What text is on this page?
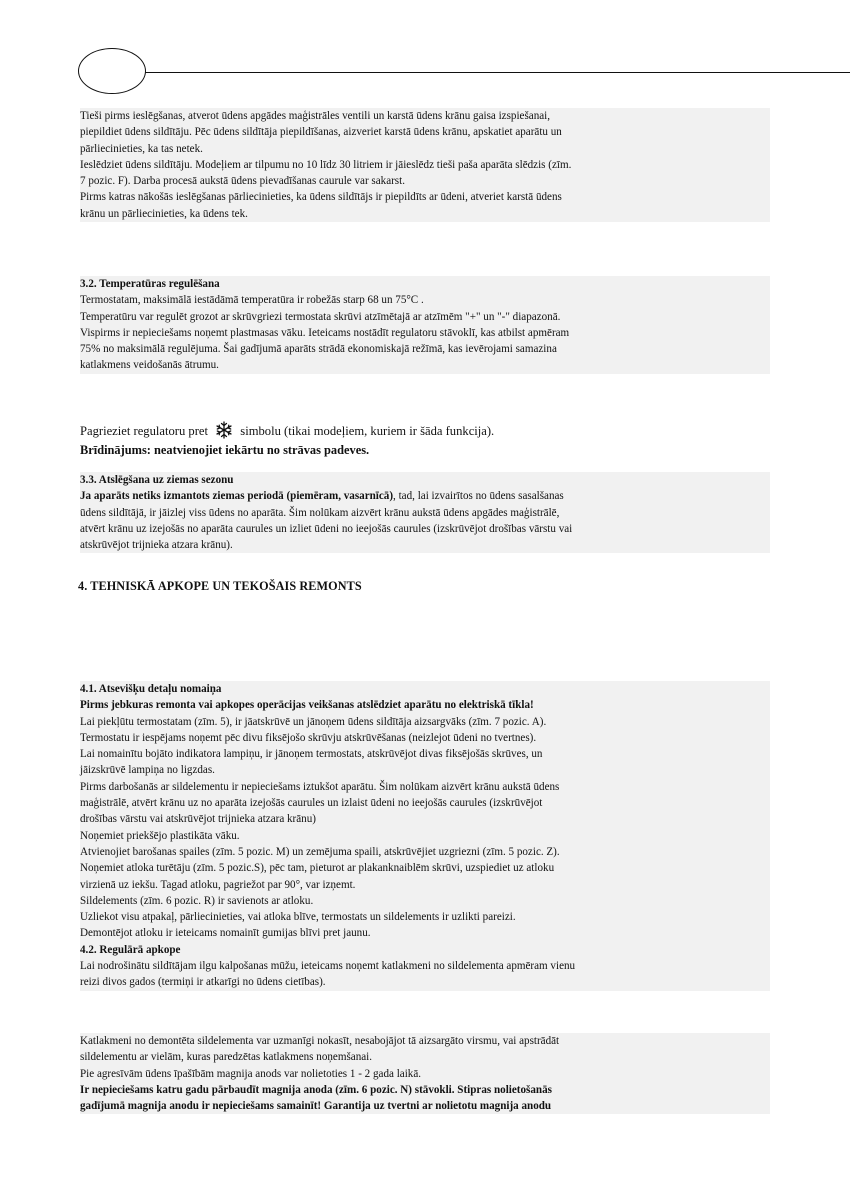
Tieši pirms ieslēgšanas, atverot ūdens apgādes maģistrāles ventili un karstā ūdens krānu gaisa izspiešanai,

piepildiet ūdens sildītāju. Pēc ūdens sildītāja piepildīšanas, aizveriet karstā ūdens krānu, apskatiet aparātu un

pārliecinieties, ka tas netek.

Ieslēdziet ūdens sildītāju. Modeļiem ar tilpumu no 10 līdz 30 litriem ir jāieslēdz tieši paša aparāta slēdzis (zīm.

7 pozic. F). Darba procesā aukstā ūdens pievadīšanas caurule var sakarst.

Pirms katras nākošās ieslēgšanas pārliecinieties, ka ūdens sildītājs ir piepildīts ar ūdeni, atveriet karstā ūdens

krānu un pārliecinieties, ka ūdens tek.

3.2. Temperatūras regulēšana

Termostatam, maksimālā iestādāmā temperatūra ir robežās starp 68 un 75°C .

Temperatūru var regulēt grozot ar skrūvgriezi termostata skrūvi atzīmētajā ar atzīmēm "+" un "-" diapazonā.

Vispirms ir nepieciešams noņemt plastmasas vāku. Ieteicams nostādīt regulatoru stāvoklī, kas atbilst apmēram

75% no maksimālā regulējuma. Šai gadījumā aparāts strādā ekonomiskajā režīmā, kas ievērojami samazina

katlakmens veidošanās ātrumu.

Pagrieziet regulatoru pret	simbolu (tikai modeļiem, kuriem ir šāda funkcija).

Brīdinājums: neatvienojiet iekārtu no strāvas padeves.

3.3. Atslēgšana uz ziemas sezonu

Ja aparāts netiks izmantots ziemas periodā (piemēram, vasarnīcā), tad, lai izvairītos no ūdens sasalšanas

ūdens sildītājā, ir jāizlej viss ūdens no aparāta. Šim nolūkam aizvērt krānu aukstā ūdens apgādes maģistrālē,

atvērt krānu uz izejošās no aparāta caurules un izliet ūdeni no ieejošās caurules (izskrūvējot drošības vārstu vai

atskrūvējot trijnieka atzara krānu).

4. TEHNISKĀ APKOPE UN TEKOŠAIS REMONTS

4.1. Atsevišķu detaļu nomaiņa

Pirms jebkuras remonta vai apkopes operācijas veikšanas atslēdziet aparātu no elektriskā tīkla!

Lai piekļūtu termostatam (zīm. 5), ir jāatskrūvē un jānoņem ūdens sildītāja aizsargvāks (zīm. 7 pozic. A).

Termostatu ir iespējams noņemt pēc divu fiksējošo skrūvju atskrūvēšanas (neizlejot ūdeni no tvertnes).

Lai nomainītu bojāto indikatora lampiņu, ir jānoņem termostats, atskrūvējot divas fiksējošās skrūves, un

jāizskrūvē lampiņa no ligzdas.

Pirms darbošanās ar sildelementu ir nepieciešams iztukšot aparātu. Šim nolūkam aizvērt krānu aukstā ūdens

maģistrālē, atvērt krānu uz no aparāta izejošās caurules un izlaist ūdeni no ieejošās caurules (izskrūvējot

drošības vārstu vai atskrūvējot trijnieka atzara krānu)

Noņemiet priekšējo plastikāta vāku.

Atvienojiet barošanas spailes (zīm. 5 pozic. M) un zemējuma spaili, atskrūvējiet uzgriezni (zīm. 5 pozic. Z).

Noņemiet atloka turētāju (zīm. 5 pozic.S), pēc tam, pieturot ar plakanknaiblēm skrūvi, uzspiediet uz atloku

virzienā uz iekšu. Tagad atloku, pagriežot par 90°, var izņemt.

Sildelements (zīm. 6 pozic. R) ir savienots ar atloku.

Uzliekot visu atpakaļ, pārliecinieties, vai atloka blīve, termostats un sildelements ir uzlikti pareizi.

Demontējot atloku ir ieteicams nomainīt gumijas blīvi pret jaunu.

4.2. Regulārā apkope

Lai nodrošinātu sildītājam ilgu kalpošanas mūžu, ieteicams noņemt katlakmeni no sildelementa apmēram vienu

reizi divos gados (termiņi ir atkarīgi no ūdens cietības).

Katlakmeni no demontēta sildelementa var uzmanīgi nokasīt, nesabojājot tā aizsargāto virsmu, vai apstrādāt

sildelementu ar vielām, kuras paredzētas katlakmens noņemšanai.

Pie agresīvām ūdens īpašībām magnija anods var nolietoties 1 - 2 gada laikā.

Ir nepieciešams katru gadu pārbaudīt magnija anoda (zīm. 6 pozic. N) stāvokli. Stipras nolietošanās

gadījumā magnija anodu ir nepieciešams samainīt! Garantija uz tvertni ar nolietotu magnija anodu
